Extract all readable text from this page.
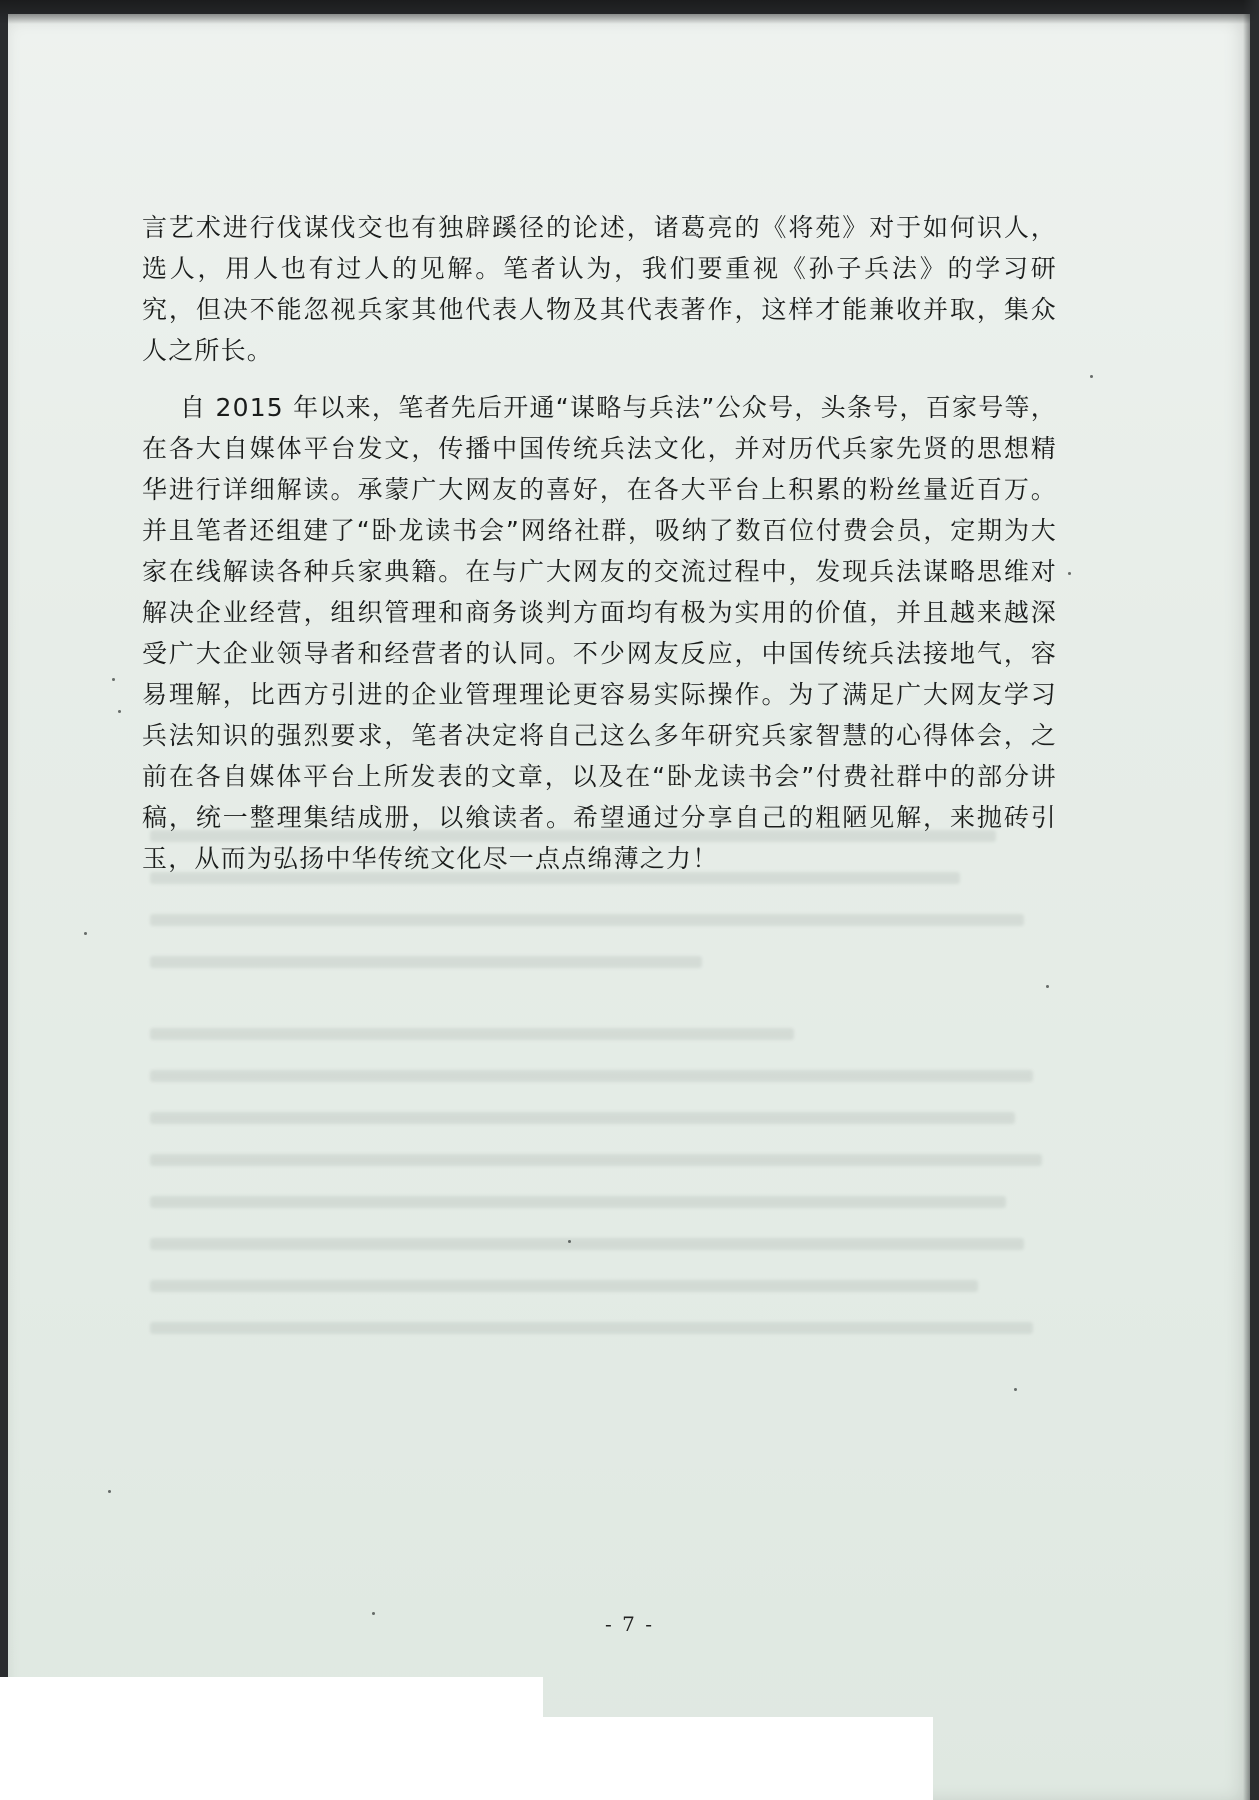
言艺术进行伐谋伐交也有独辟蹊径的论述，诸葛亮的《将苑》对于如何识人，选人，用人也有过人的见解。笔者认为，我们要重视《孙子兵法》的学习研究，但决不能忽视兵家其他代表人物及其代表著作，这样才能兼收并取，集众人之所长。

自 2015 年以来，笔者先后开通“谋略与兵法”公众号，头条号，百家号等，在各大自媒体平台发文，传播中国传统兵法文化，并对历代兵家先贤的思想精华进行详细解读。承蒙广大网友的喜好，在各大平台上积累的粉丝量近百万。并且笔者还组建了“卧龙读书会”网络社群，吸纳了数百位付费会员，定期为大家在线解读各种兵家典籍。在与广大网友的交流过程中，发现兵法谋略思维对解决企业经营，组织管理和商务谈判方面均有极为实用的价值，并且越来越深受广大企业领导者和经营者的认同。不少网友反应，中国传统兵法接地气，容易理解，比西方引进的企业管理理论更容易实际操作。为了满足广大网友学习兵法知识的强烈要求，笔者决定将自己这么多年研究兵家智慧的心得体会，之前在各自媒体平台上所发表的文章，以及在“卧龙读书会”付费社群中的部分讲稿，统一整理集结成册，以飨读者。希望通过分享自己的粗陋见解，来抛砖引玉，从而为弘扬中华传统文化尽一点点绵薄之力！

- 7 -
